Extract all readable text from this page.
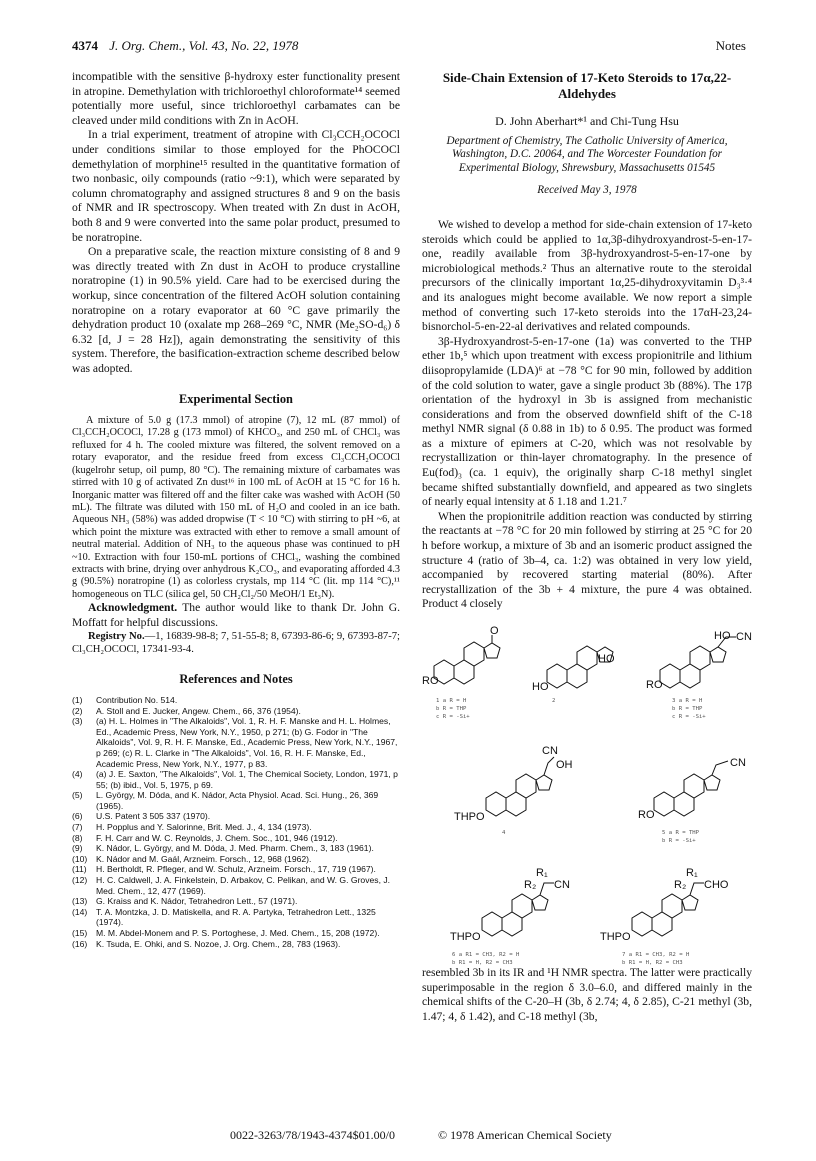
4374 J. Org. Chem., Vol. 43, No. 22, 1978	Notes

incompatible with the sensitive β-hydroxy ester functionality present in atropine. Demethylation with trichloroethyl chloroformate¹⁴ seemed potentially more useful, since trichloroethyl carbamates can be cleaved under mild conditions with Zn in AcOH.

In a trial experiment, treatment of atropine with Cl₃CCH₂OCOCl under conditions similar to those employed for the PhOCOCl demethylation of morphine¹⁵ resulted in the quantitative formation of two nonbasic, oily compounds (ratio ~9:1), which were separated by column chromatography and assigned structures 8 and 9 on the basis of NMR and IR spectroscopy. When treated with Zn dust in AcOH, both 8 and 9 were converted into the same polar product, presumed to be noratropine.

On a preparative scale, the reaction mixture consisting of 8 and 9 was directly treated with Zn dust in AcOH to produce crystalline noratropine (1) in 90.5% yield. Care had to be exercised during the workup, since concentration of the filtered AcOH solution containing noratropine on a rotary evaporator at 60 °C gave primarily the dehydration product 10 (oxalate mp 268–269 °C, NMR (Me₂SO-d₆) δ 6.32 [d, J = 28 Hz]), again demonstrating the sensitivity of this system. Therefore, the basification-extraction scheme described below was adopted.

Experimental Section

A mixture of 5.0 g (17.3 mmol) of atropine (7), 12 mL (87 mmol) of Cl₃CCH₂OCOCl, 17.28 g (173 mmol) of KHCO₃, and 250 mL of CHCl₃ was refluxed for 4 h. The cooled mixture was filtered, the solvent removed on a rotary evaporator, and the residue freed from excess Cl₃CCH₂OCOCl (kugelrohr setup, oil pump, 80 °C). The remaining mixture of carbamates was stirred with 10 g of activated Zn dust¹⁶ in 100 mL of AcOH at 15 °C for 16 h. Inorganic matter was filtered off and the filter cake was washed with AcOH (50 mL). The filtrate was diluted with 150 mL of H₂O and cooled in an ice bath. Aqueous NH₃ (58%) was added dropwise (T < 10 °C) with stirring to pH ~6, at which point the mixture was extracted with ether to remove a small amount of neutral material. Addition of NH₃ to the aqueous phase was continued to pH ~10. Extraction with four 150-mL portions of CHCl₃, washing the combined extracts with brine, drying over anhydrous K₂CO₃, and evaporating afforded 4.3 g (90.5%) noratropine (1) as colorless crystals, mp 114 °C (lit. mp 114 °C),¹¹ homogeneous on TLC (silica gel, 50 CH₂Cl₂/50 MeOH/1 Et₃N).

Acknowledgment. The author would like to thank Dr. John G. Moffatt for helpful discussions.

Registry No.—1, 16839-98-8; 7, 51-55-8; 8, 67393-86-6; 9, 67393-87-7; Cl₃CH₂OCOCl, 17341-93-4.

References and Notes
(1) Contribution No. 514.
(2) A. Stoll and E. Jucker, Angew. Chem., 66, 376 (1954).
(3) (a) H. L. Holmes in "The Alkaloids", Vol. 1, R. H. F. Manske and H. L. Holmes, Ed., Academic Press, New York, N.Y., 1950, p 271; (b) G. Fodor in "The Alkaloids", Vol. 9, R. H. F. Manske, Ed., Academic Press, New York, N.Y., 1967, p 269; (c) R. L. Clarke in "The Alkaloids", Vol. 16, R. H. F. Manske, Ed., Academic Press, New York, N.Y., 1977, p 83.
(4) (a) J. E. Saxton, "The Alkaloids", Vol. 1, The Chemical Society, London, 1971, p 55; (b) ibid., Vol. 5, 1975, p 69.
(5) L. György, M. Dóda, and K. Nádor, Acta Physiol. Acad. Sci. Hung., 26, 369 (1965).
(6) U.S. Patent 3 505 337 (1970).
(7) H. Popplus and Y. Salorinne, Brit. Med. J., 4, 134 (1973).
(8) F. H. Carr and W. C. Reynolds, J. Chem. Soc., 101, 946 (1912).
(9) K. Nádor, L. György, and M. Dóda, J. Med. Pharm. Chem., 3, 183 (1961).
(10) K. Nádor and M. Gaál, Arzneim. Forsch., 12, 968 (1962).
(11) H. Bertholdt, R. Pfleger, and W. Schulz, Arzneim. Forsch., 17, 719 (1967).
(12) H. C. Caldwell, J. A. Finkelstein, D. Arbakov, C. Pelikan, and W. G. Groves, J. Med. Chem., 12, 477 (1969).
(13) G. Kraiss and K. Nádor, Tetrahedron Lett., 57 (1971).
(14) T. A. Montzka, J. D. Matiskella, and R. A. Partyka, Tetrahedron Lett., 1325 (1974).
(15) M. M. Abdel-Monem and P. S. Portoghese, J. Med. Chem., 15, 208 (1972).
(16) K. Tsuda, E. Ohki, and S. Nozoe, J. Org. Chem., 28, 783 (1963).
Side-Chain Extension of 17-Keto Steroids to 17α,22-Aldehydes
D. John Aberhart*¹ and Chi-Tung Hsu
Department of Chemistry, The Catholic University of America, Washington, D.C. 20064, and The Worcester Foundation for Experimental Biology, Shrewsbury, Massachusetts 01545
Received May 3, 1978

We wished to develop a method for side-chain extension of 17-keto steroids which could be applied to 1α,3β-dihydroxyandrost-5-en-17-one, readily available from 3β-hydroxyandrost-5-en-17-one by microbiological methods.² Thus an alternative route to the steroidal precursors of the clinically important 1α,25-dihydroxyvitamin D₃³·⁴ and its analogues might become available. We now report a simple method of converting such 17-keto steroids into the 17αH-23,24-bisnorchol-5-en-22-al derivatives and related compounds.

3β-Hydroxyandrost-5-en-17-one (1a) was converted to the THP ether 1b,⁵ which upon treatment with excess propionitrile and lithium diisopropylamide (LDA)⁶ at −78 °C for 90 min, followed by addition of the cold solution to water, gave a single product 3b (88%). The 17β orientation of the hydroxyl in 3b is assigned from mechanistic considerations and from the observed downfield shift of the C-18 methyl NMR signal (δ 0.88 in 1b) to δ 0.95. The product was formed as a mixture of epimers at C-20, which was not resolvable by recrystallization or thin-layer chromatography. In the presence of Eu(fod)₃ (ca. 1 equiv), the originally sharp C-18 methyl singlet became shifted substantially downfield, and appeared as two singlets of nearly equal intensity at δ 1.18 and 1.21.⁷

When the propionitrile addition reaction was conducted by stirring the reactants at −78 °C for 20 min followed by stirring at 25 °C for 20 h before workup, a mixture of 3b and an isomeric product assigned the structure 4 (ratio of 3b–4, ca. 1:2) was obtained in very low yield, accompanied by recovered starting material (80%). After recrystallization of the 3b + 4 mixture, the pure 4 was obtained. Product 4 closely

RO
O
HO
HO
RO
HO CN
1 a R = H
b R = THP
c R = -Si+
2	3 a R = H
b R = THP
c R = -Si+
CN
OH
THPO
CN
RO
4	5 a R = THP
b R = -Si+
R₁
R₂ CN
THPO
R₁
R₂ CHO
THPO
6 a R1 = CH3, R2 = H
b R1 = H, R2 = CH3
7 a R1 = CH3, R2 = H
b R1 = H, R2 = CH3

resembled 3b in its IR and ¹H NMR spectra. The latter were practically superimposable in the region δ 3.0–6.0, and differed mainly in the chemical shifts of the C-20–H (3b, δ 2.74; 4, δ 2.85), C-21 methyl (3b, 1.47; 4, δ 1.42), and C-18 methyl (3b,

0022-3263/78/1943-4374$01.00/0	© 1978 American Chemical Society
